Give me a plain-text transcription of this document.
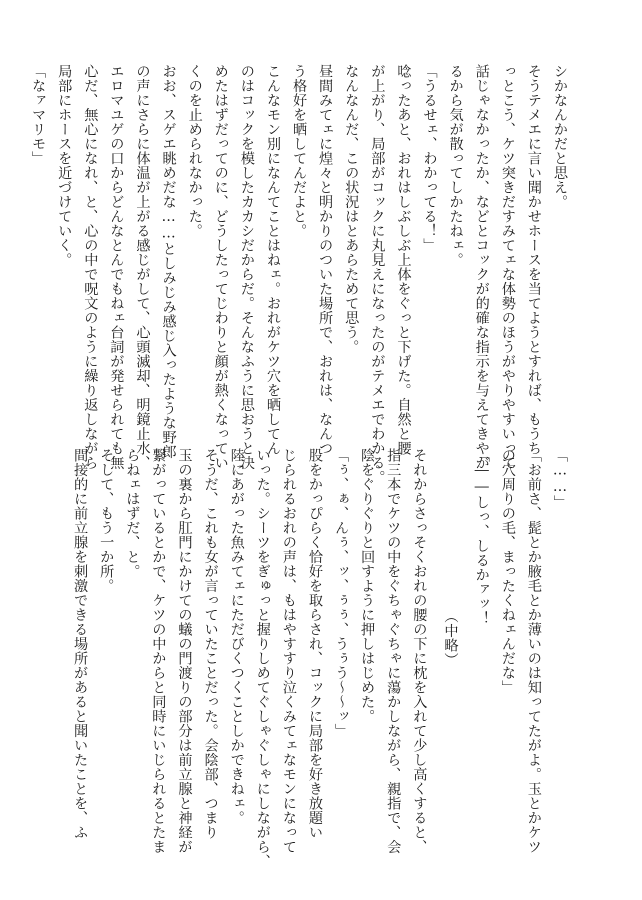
シかなんかだと思え。
そうテメエに言い聞かせホースを当てようとすれば、もうち
っとこう、ケツ突きだすみてェな体勢のほうがやりやすいって
話じゃなかったか、などとコックが的確な指示を与えてきやが
るから気が散ってしかたねェ。
「うるせェ、わかってる！」
唸ったあと、おれはしぶしぶ上体をぐっと下げた。自然と腰
が上がり、局部がコックに丸見えになったのがテメエでわかる。
なんなんだ、この状況はとあらためて思う。
昼間みてェに煌々と明かりのついた場所で、おれは、なんつ
う格好を晒してんだよと。
こんなモン別になんてことはねェ。おれがケツ穴を晒してん
のはコックを模したカカシだからだ。そんなふうに思おうと決
めたはずだってのに、どうしたってじわりと顔が熱くなってい
くのを止められなかった。
おお、スゲエ眺めだな……としみじみ感じ入ったような野郎
の声にさらに体温が上がる感じがして、心頭滅却、明鏡止水、
エロマユゲの口からどんなとんでもねェ台詞が発せられても無
心だ、無心になれ、と、心の中で呪文のように繰り返しながら
局部にホースを近づけていく。
「なァマリモ」
「……」
「お前さ、髭とか腋毛とか薄いのは知ってたがよ。玉とかケツ
の穴周りの毛、まったくねェんだな」
「――しっ、しるかァッ！
（中略）
それからさっそくおれの腰の下に枕を入れて少し高くすると、
指三本でケツの中をぐちゃぐちゃに蕩かしながら、親指で、会
陰をぐりぐりと回すように押しはじめた。
「ぅ、ぁ、んぅ、ッ、ぅぅ、うぅう～～ッ」
股をかっぴらく恰好を取らされ、コックに局部を好き放題い
じられるおれの声は、もはやすすり泣くみてェなモンになって
いった。シーツをぎゅっと握りしめてぐしゃぐしゃにしながら、
陸にあがった魚みてェにただびくつくことしかできねェ。
そうだ、これも女が言っていたことだった。会陰部、つまり
玉の裏から肛門にかけての蟻の門渡りの部分は前立腺と神経が
繋がっているとかで、ケツの中からと同時にいじられるとたま
らねェはずだ、と。
そして、もう一か所。
間接的に前立腺を刺激できる場所があると聞いたことを、ふ
